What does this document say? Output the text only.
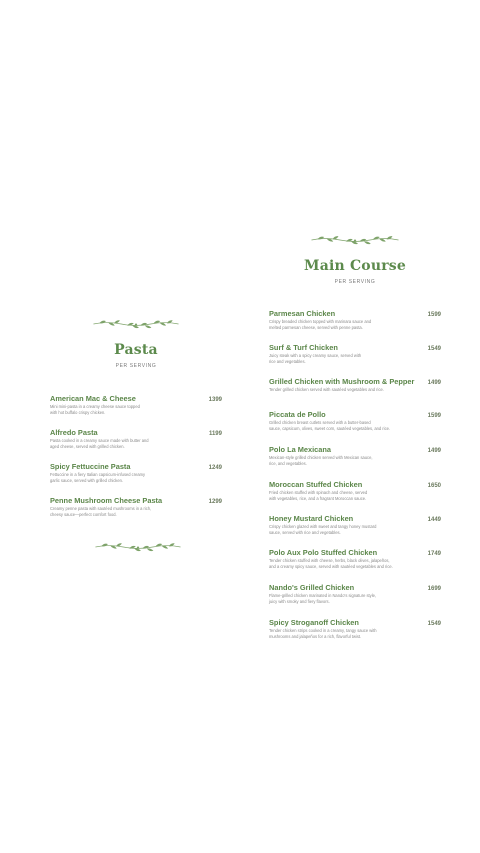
Pasta
PER SERVING
American Mac & Cheese	1399
Mini mini-pasta in a creamy cheese sauce topped
with hot buffalo crispy chicken.
Alfredo Pasta	1199
Pasta cooked in a creamy sauce made with butter and
aged cheese, served with grilled chicken.
Spicy Fettuccine Pasta	1249
Fettuccine in a fiery Italian capsicum-infused creamy
garlic sauce, served with grilled chicken.
Penne Mushroom Cheese Pasta	1299
Creamy penne pasta with sautéed mushrooms in a rich,
cheesy sauce—perfect comfort food.
Main Course
PER SERVING
Parmesan Chicken	1599
Crispy breaded chicken topped with marinara sauce and
melted parmesan cheese, served with penne pasta.
Surf & Turf Chicken	1549
Juicy steak with a spicy creamy sauce, served with
rice and vegetables.
Grilled Chicken with Mushroom & Pepper 1499
Tender grilled chicken served with sautéed vegetables and rice.
Piccata de Pollo	1599
Grilled chicken breast cutlets served with a butter-based
sauce, capsicum, olives, sweet corn, sautéed vegetables, and rice.
Polo La Mexicana	1499
Mexican-style grilled chicken served with Mexican sauce,
rice, and vegetables.
Moroccan Stuffed Chicken	1650
Fried chicken stuffed with spinach and cheese, served
with vegetables, rice, and a fragrant Moroccan sauce.
Honey Mustard Chicken	1449
Crispy chicken glazed with sweet and tangy honey mustard
sauce, served with rice and vegetables.
Polo Aux Polo Stuffed Chicken	1749
Tender chicken stuffed with cheese, herbs, black olives, jalapeños,
and a creamy spicy sauce, served with sautéed vegetables and rice.
Nando's Grilled Chicken	1699
Flame-grilled chicken marinated in Nando's signature style,
juicy with smoky and fiery flavors.
Spicy Stroganoff Chicken	1549
Tender chicken strips cooked in a creamy, tangy sauce with
mushrooms and jalapeños for a rich, flavorful twist.
